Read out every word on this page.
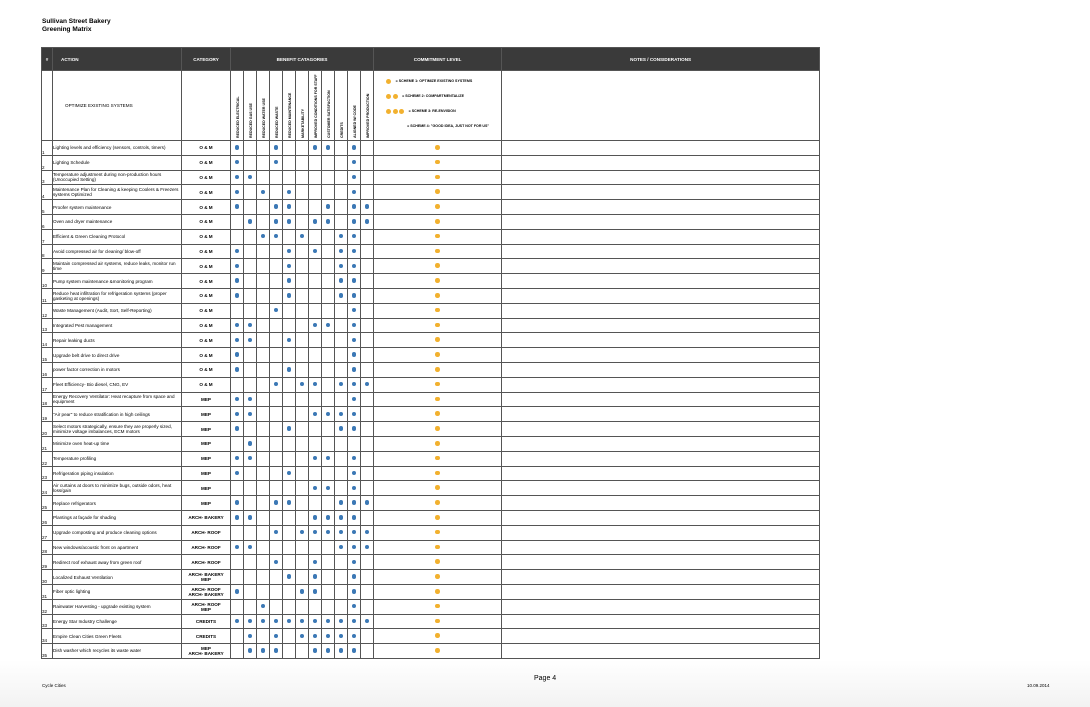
Sullivan Street Bakery
Greening Matrix
#	ACTION	CATEGORY	BENEFIT CATAGORIES											COMMITMENT LEVEL	NOTES / CONSIDERATIONS
	OPTIMIZE EXISTING SYSTEMS		REDUCED ELECTRICAL	REDUCED GAS USE	REDUCED WATER USE	REDUCED WASTE	REDUCED MAINTENANCE	MARKETABILITY	IMPROVED CONDITIONS FOR STAFF	CUSTOMER SATISFACTION	CREDITS	ALIGNED W/ CODE	IMPROVED PRODUCTION	= SCHEME 1: OPTIMIZE EXISTING SYSTEMS
= SCHEME 2: COMPARTMENTALIZE
= SCHEME 3: RE-ENVISION
= SCHEME 4: "GOOD IDEA, JUST NOT FOR US"	

1	Lighting levels and efficiency (sensors, controls, timers)	O & M													

2	Lighting Schedule	O & M													

3	Temperature adjustment during non-production hours (Unoccupied Setting)	O & M													

4	Maintenance Plan for Cleaning & keeping Coolers & Freezers systems Optimized	O & M													

5	Proofer system maintenance	O & M													

6	Oven and dryer maintenance	O & M													

7	Efficient & Green Cleaning Protocol	O & M													

8	Avoid compressed air for cleaning/ blow-off	O & M													

9	Maintain compressed air systems, reduce leaks, monitor run time	O & M													

10	Pump system maintenance &monitoring program	O & M													

11	Reduce heat infiltration for refrigeration systems (proper gasketing at openings)	O & M													

12	Waste Management (Audit, Sort, Self-Reporting)	O & M													

13	Integrated Pest management	O & M													

14	Repair leaking ducts	O & M													

15	Upgrade belt drive to direct drive	O & M													

16	power factor correction in motors	O & M													

17	Fleet Efficiency- Bio diesel, CNG, EV	O & M													

18	Energy Recovery Ventilator: Heat recapture from space and equipment	MEP													

19	"Air pear" to reduce stratification in high ceilings	MEP													

20	Select motors strategically, ensure they are properly sized, minimize voltage imbalances, ECM motors	MEP													

21	Minimize oven heat-up time	MEP													

22	Temperature profiling	MEP													

23	Refrigeration piping insulation	MEP													

24	Air curtains at doors to minimize bugs, outside odors, heat loss/gain	MEP													

25	Replace refrigerators	MEP													

26	Plantings at façade for shading	ARCH- BAKERY													

27	Upgrade composting and produce cleaning options	ARCH- ROOF													

28	New windows/acoustic front on apartment	ARCH- ROOF													

29	Redirect roof exhaust away from green roof	ARCH- ROOF													

30	Localized Exhaust Ventilation	ARCH- BAKERY
MEP													

31	Fiber optic lighting	ARCH- ROOF
ARCH- BAKERY													

32	Rainwater Harvesting - upgrade existing system	ARCH- ROOF
MEP													

33	Energy Star Industry Challenge	CREDITS													

34	Empire Clean Cities Green Fleets	CREDITS													

35	Dish washer which recycles its waste water	MEP
ARCH- BAKERY													

Cycle Cities
Page 4
10.09.2014
